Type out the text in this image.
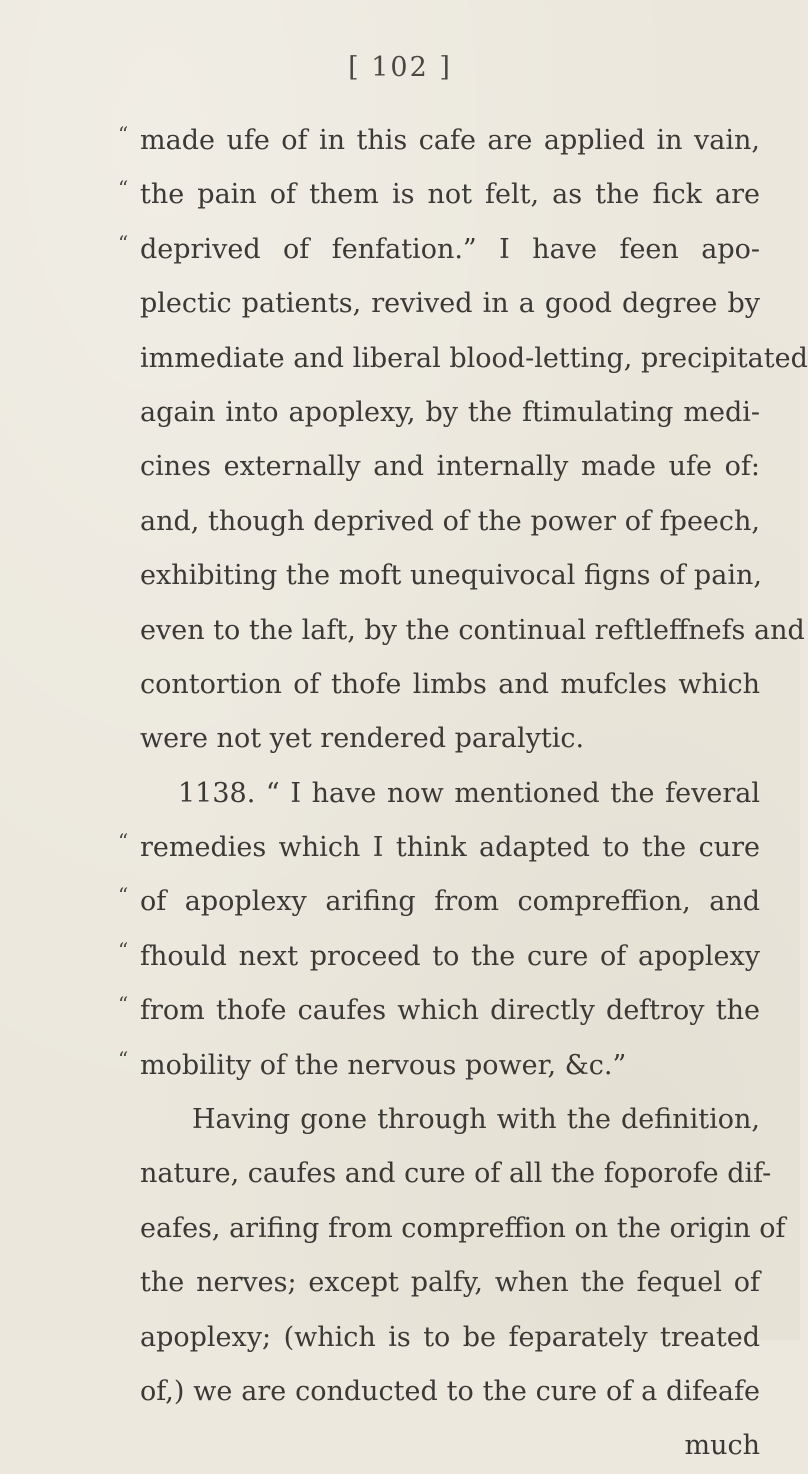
[ 102 ]
“ made ufe of in this cafe are applied in vain,
“ the pain of them is not felt, as the fick are
“ deprived of fenfation.” I have feen apo-
plectic patients, revived in a good degree by
immediate and liberal blood-letting, precipitated
again into apoplexy, by the ftimulating medi-
cines externally and internally made ufe of:
and, though deprived of the power of fpeech,
exhibiting the moft unequivocal figns of pain,
even to the laft, by the continual reftleffnefs and
contortion of thofe limbs and mufcles which
were not yet rendered paralytic.
1138. “ I have now mentioned the feveral
“ remedies which I think adapted to the cure
“ of apoplexy arifing from compreffion, and
“ fhould next proceed to the cure of apoplexy
“ from thofe caufes which directly deftroy the
“ mobility of the nervous power, &c.”
Having gone through with the definition,
nature, caufes and cure of all the foporofe dif-
eafes, arifing from compreffion on the origin of
the nerves; except palfy, when the fequel of
apoplexy; (which is to be feparately treated
of,) we are conducted to the cure of a difeafe
much
